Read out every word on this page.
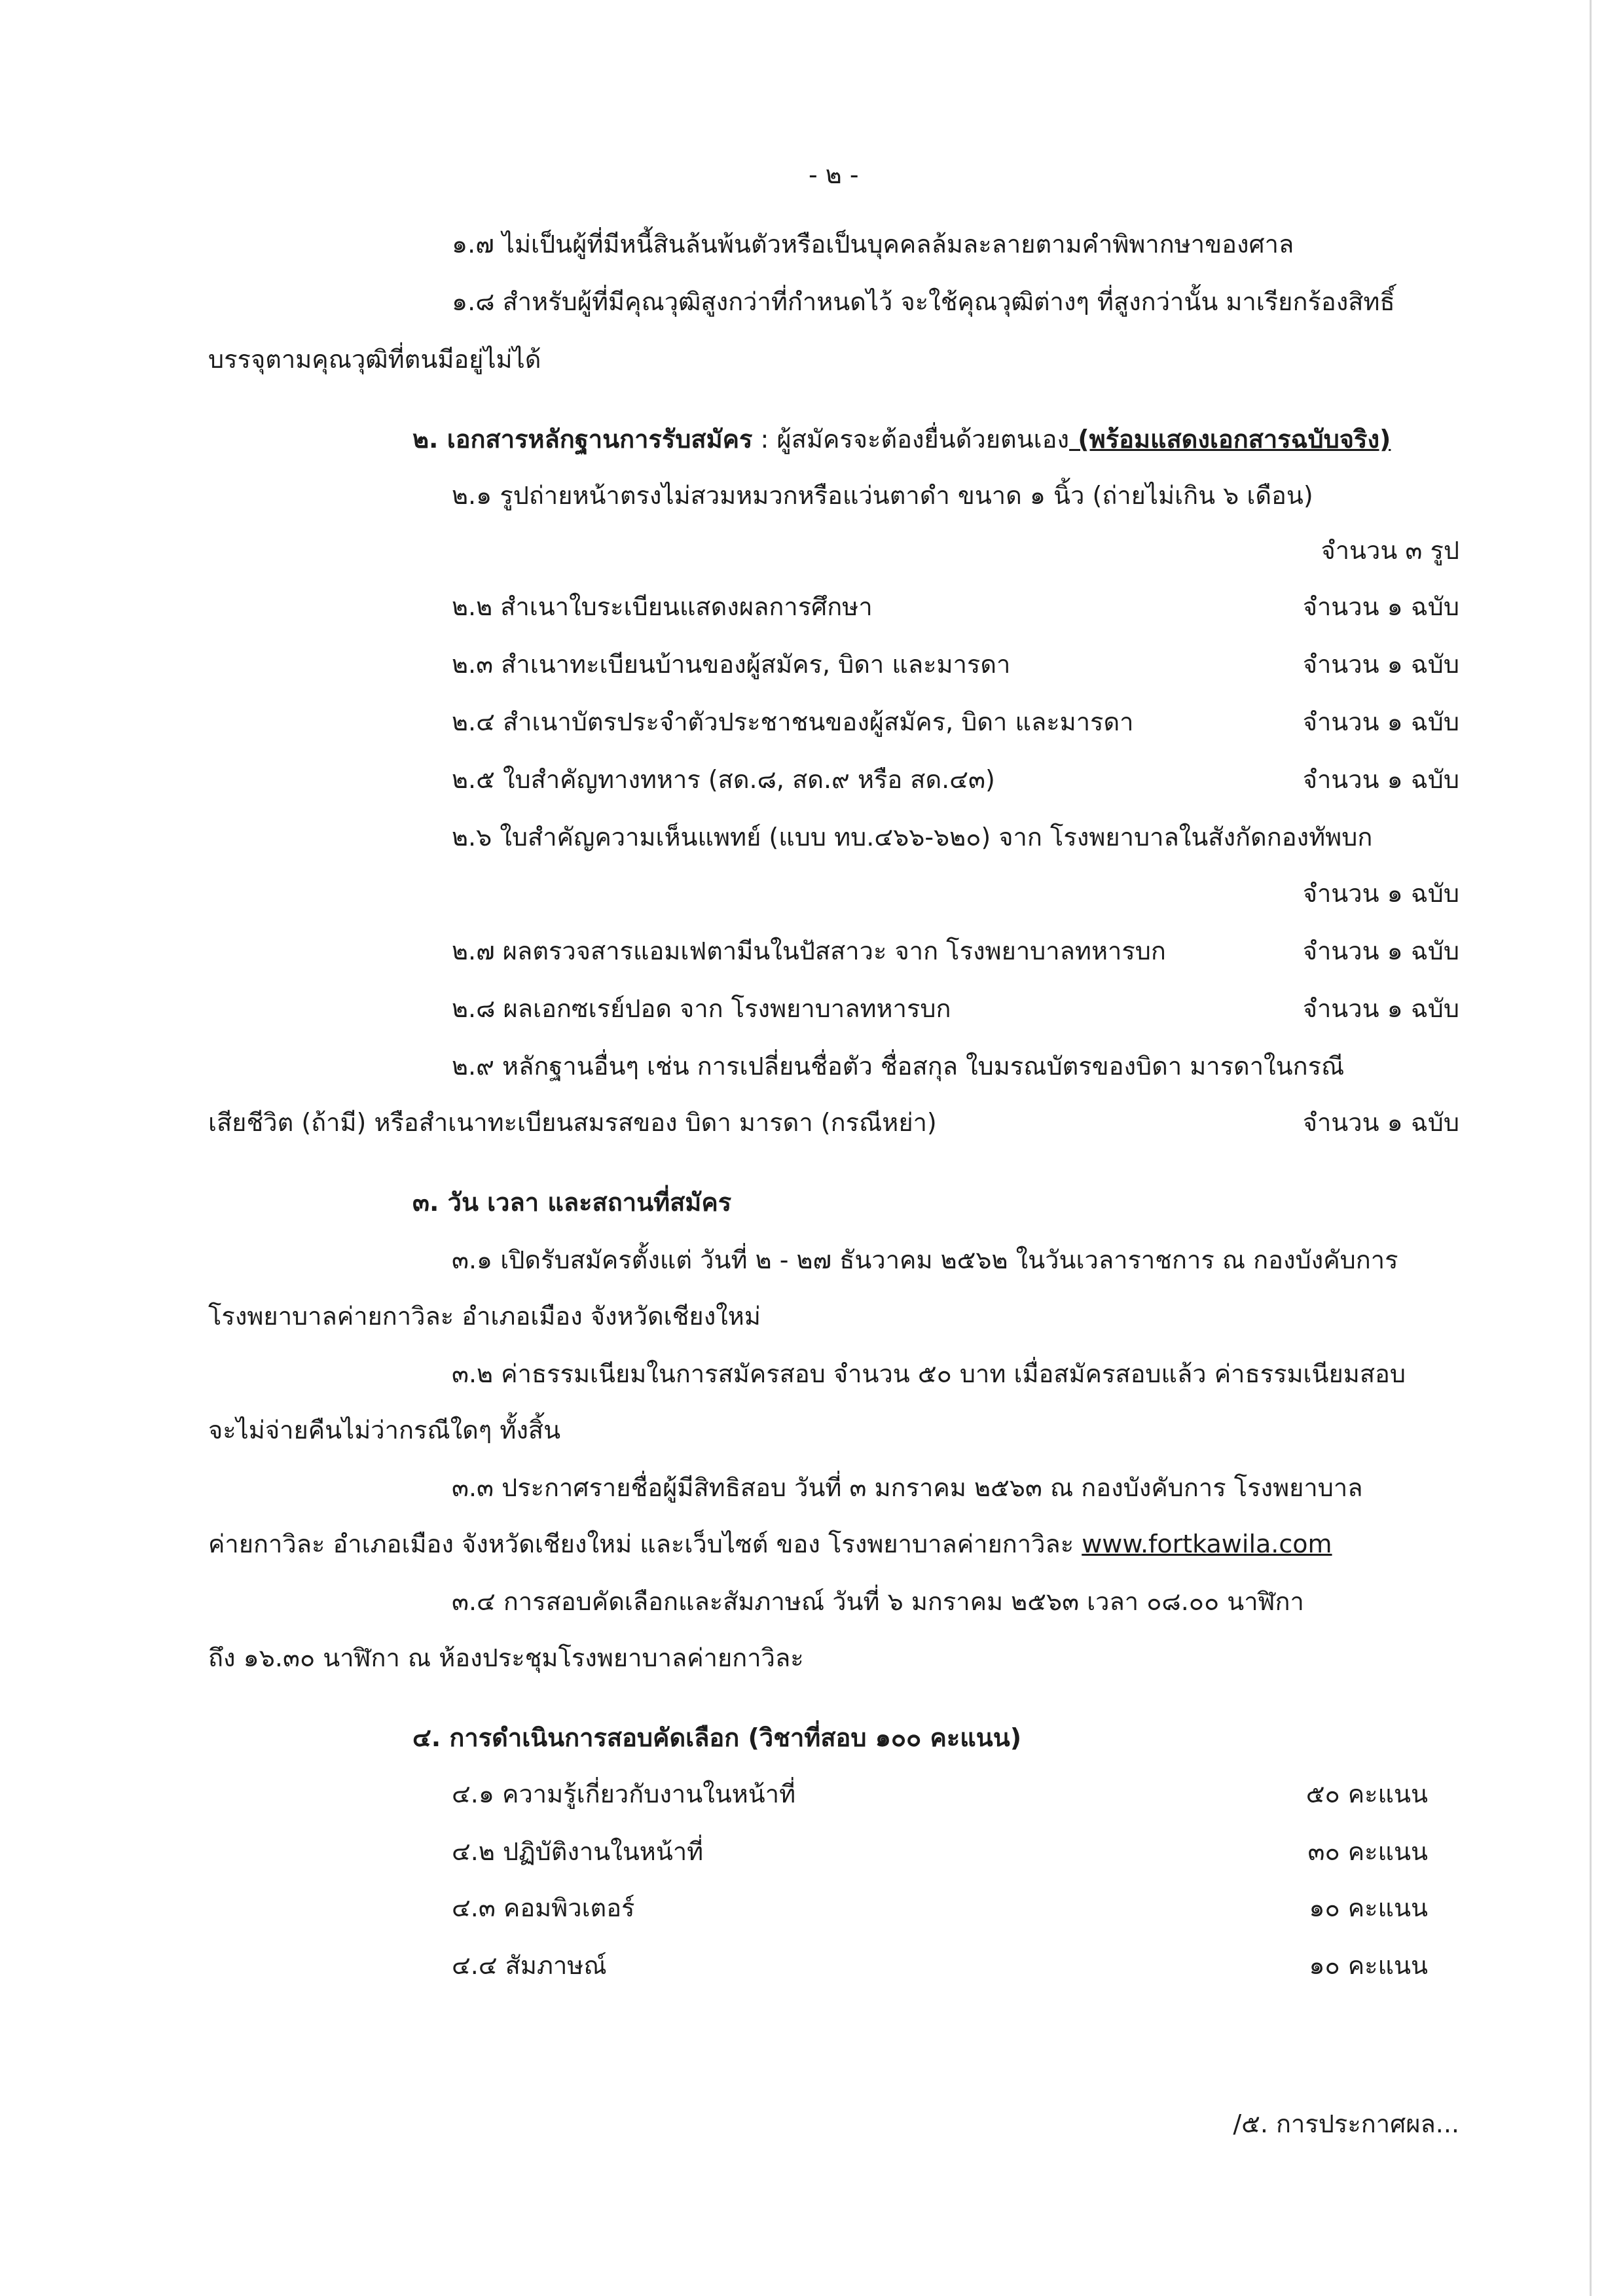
- ๒ -
๑.๗ ไม่เป็นผู้ที่มีหนี้สินล้นพ้นตัวหรือเป็นบุคคลล้มละลายตามคำพิพากษาของศาล
๑.๘ สำหรับผู้ที่มีคุณวุฒิสูงกว่าที่กำหนดไว้ จะใช้คุณวุฒิต่างๆ ที่สูงกว่านั้น มาเรียกร้องสิทธิ์
บรรจุตามคุณวุฒิที่ตนมีอยู่ไม่ได้
๒. เอกสารหลักฐานการรับสมัคร : ผู้สมัครจะต้องยื่นด้วยตนเอง (พร้อมแสดงเอกสารฉบับจริง)
๒.๑ รูปถ่ายหน้าตรงไม่สวมหมวกหรือแว่นตาดำ ขนาด ๑ นิ้ว (ถ่ายไม่เกิน ๖ เดือน)
จำนวน ๓ รูป
๒.๒ สำเนาใบระเบียนแสดงผลการศึกษา	จำนวน ๑ ฉบับ
๒.๓ สำเนาทะเบียนบ้านของผู้สมัคร, บิดา และมารดา	จำนวน ๑ ฉบับ
๒.๔ สำเนาบัตรประจำตัวประชาชนของผู้สมัคร, บิดา และมารดา	จำนวน ๑ ฉบับ
๒.๕ ใบสำคัญทางทหาร (สด.๘, สด.๙ หรือ สด.๔๓)	จำนวน ๑ ฉบับ
๒.๖ ใบสำคัญความเห็นแพทย์ (แบบ ทบ.๔๖๖-๖๒๐) จาก โรงพยาบาลในสังกัดกองทัพบก
จำนวน ๑ ฉบับ
๒.๗ ผลตรวจสารแอมเฟตามีนในปัสสาวะ จาก โรงพยาบาลทหารบก	จำนวน ๑ ฉบับ
๒.๘ ผลเอกซเรย์ปอด จาก โรงพยาบาลทหารบก	จำนวน ๑ ฉบับ
๒.๙ หลักฐานอื่นๆ เช่น การเปลี่ยนชื่อตัว ชื่อสกุล ใบมรณบัตรของบิดา มารดาในกรณี
เสียชีวิต (ถ้ามี) หรือสำเนาทะเบียนสมรสของ บิดา มารดา (กรณีหย่า)	จำนวน ๑ ฉบับ
๓. วัน เวลา และสถานที่สมัคร
๓.๑ เปิดรับสมัครตั้งแต่ วันที่ ๒ - ๒๗ ธันวาคม ๒๕๖๒ ในวันเวลาราชการ ณ กองบังคับการ
โรงพยาบาลค่ายกาวิละ อำเภอเมือง จังหวัดเชียงใหม่
๓.๒ ค่าธรรมเนียมในการสมัครสอบ จำนวน ๕๐ บาท เมื่อสมัครสอบแล้ว ค่าธรรมเนียมสอบ
จะไม่จ่ายคืนไม่ว่ากรณีใดๆ ทั้งสิ้น
๓.๓ ประกาศรายชื่อผู้มีสิทธิสอบ วันที่ ๓ มกราคม ๒๕๖๓ ณ กองบังคับการ โรงพยาบาล
ค่ายกาวิละ อำเภอเมือง จังหวัดเชียงใหม่ และเว็บไซต์ ของ โรงพยาบาลค่ายกาวิละ www.fortkawila.com
๓.๔ การสอบคัดเลือกและสัมภาษณ์ วันที่ ๖ มกราคม ๒๕๖๓ เวลา ๐๘.๐๐ นาฬิกา
ถึง ๑๖.๓๐ นาฬิกา ณ ห้องประชุมโรงพยาบาลค่ายกาวิละ
๔. การดำเนินการสอบคัดเลือก (วิชาที่สอบ ๑๐๐ คะแนน)
๔.๑ ความรู้เกี่ยวกับงานในหน้าที่	๕๐ คะแนน
๔.๒ ปฏิบัติงานในหน้าที่	๓๐ คะแนน
๔.๓ คอมพิวเตอร์	๑๐ คะแนน
๔.๔ สัมภาษณ์	๑๐ คะแนน
/๕. การประกาศผล...
